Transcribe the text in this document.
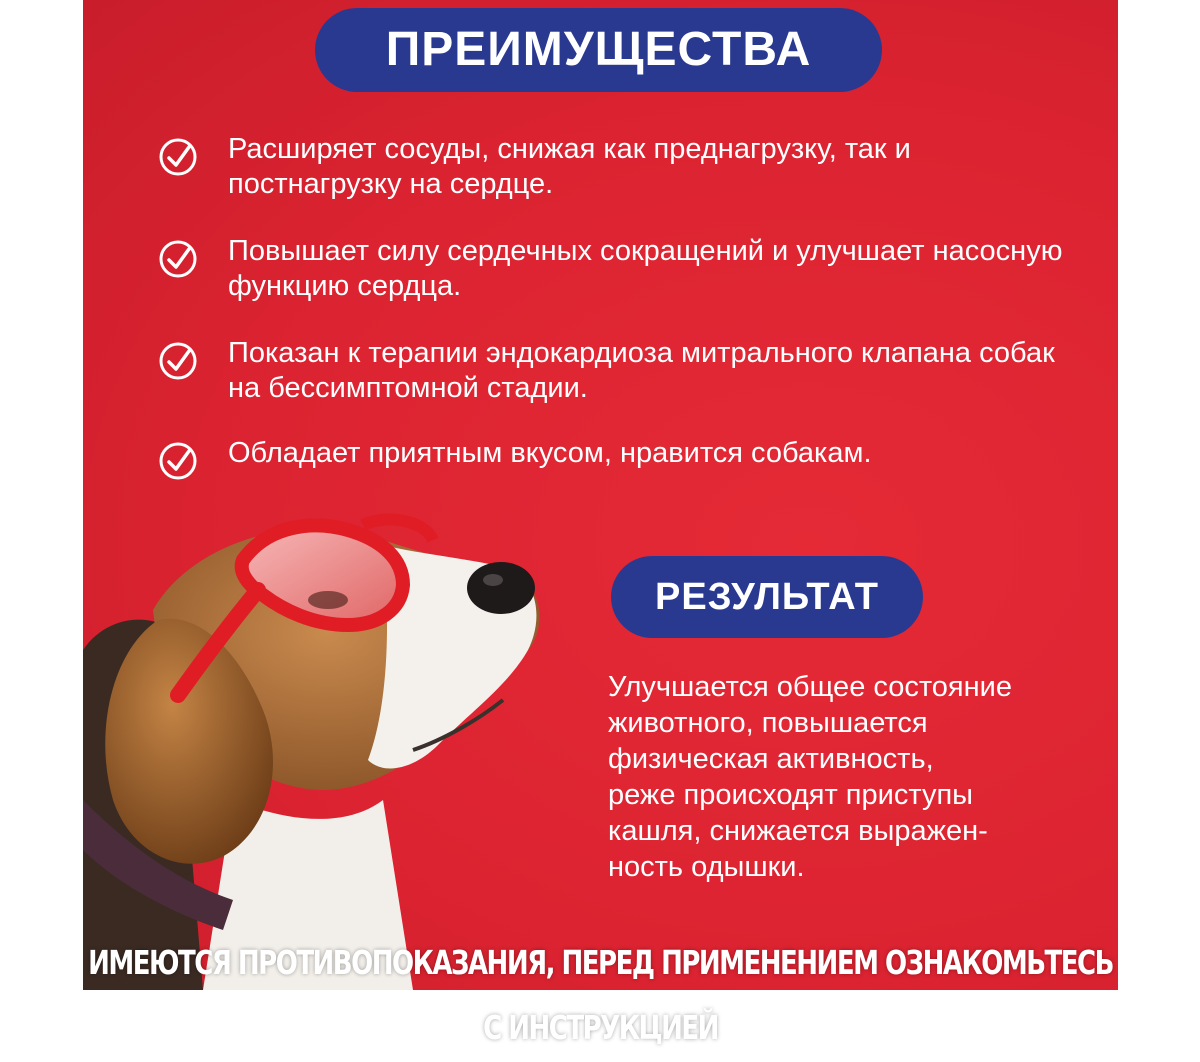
ПРЕИМУЩЕСТВА
Расширяет сосуды, снижая как преднагрузку, так и постнагрузку на сердце.
Повышает силу сердечных сокращений и улучшает насосную функцию сердца.
Показан к терапии эндокардиоза митрального клапана собак на бессимптомной стадии.
Обладает приятным вкусом, нравится собакам.
РЕЗУЛЬТАТ
Улучшается общее состояние
животного, повышается
физическая активность,
реже происходят приступы
кашля, снижается выражен-
ность одышки.
ИМЕЮТСЯ ПРОТИВОПОКАЗАНИЯ, ПЕРЕД ПРИМЕНЕНИЕМ ОЗНАКОМЬТЕСЬ С ИНСТРУКЦИЕЙ
